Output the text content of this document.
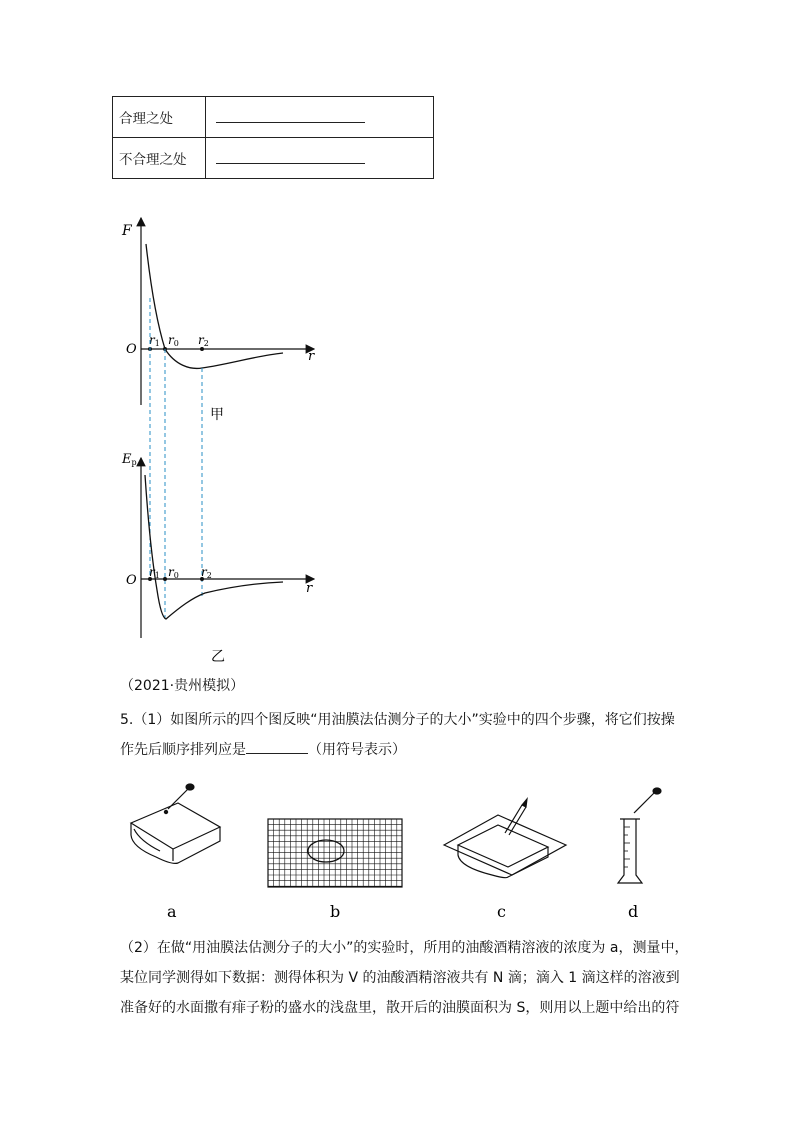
合理之处	

不合理之处	
F
O	r
r1 r0 r2
甲
Ep
O
r
r1 r0 r2
乙
（2021·贵州模拟）
5.（1）如图所示的四个图反映“用油膜法估测分子的大小”实验中的四个步骤，将它们按操
作先后顺序排列应是	（用符号表示）
a	b	c	d
（2）在做“用油膜法估测分子的大小”的实验时，所用的油酸酒精溶液的浓度为 a，测量中，
某位同学测得如下数据：测得体积为 V 的油酸酒精溶液共有 N 滴；滴入 1 滴这样的溶液到
准备好的水面撒有痱子粉的盛水的浅盘里，散开后的油膜面积为 S，则用以上题中给出的符
